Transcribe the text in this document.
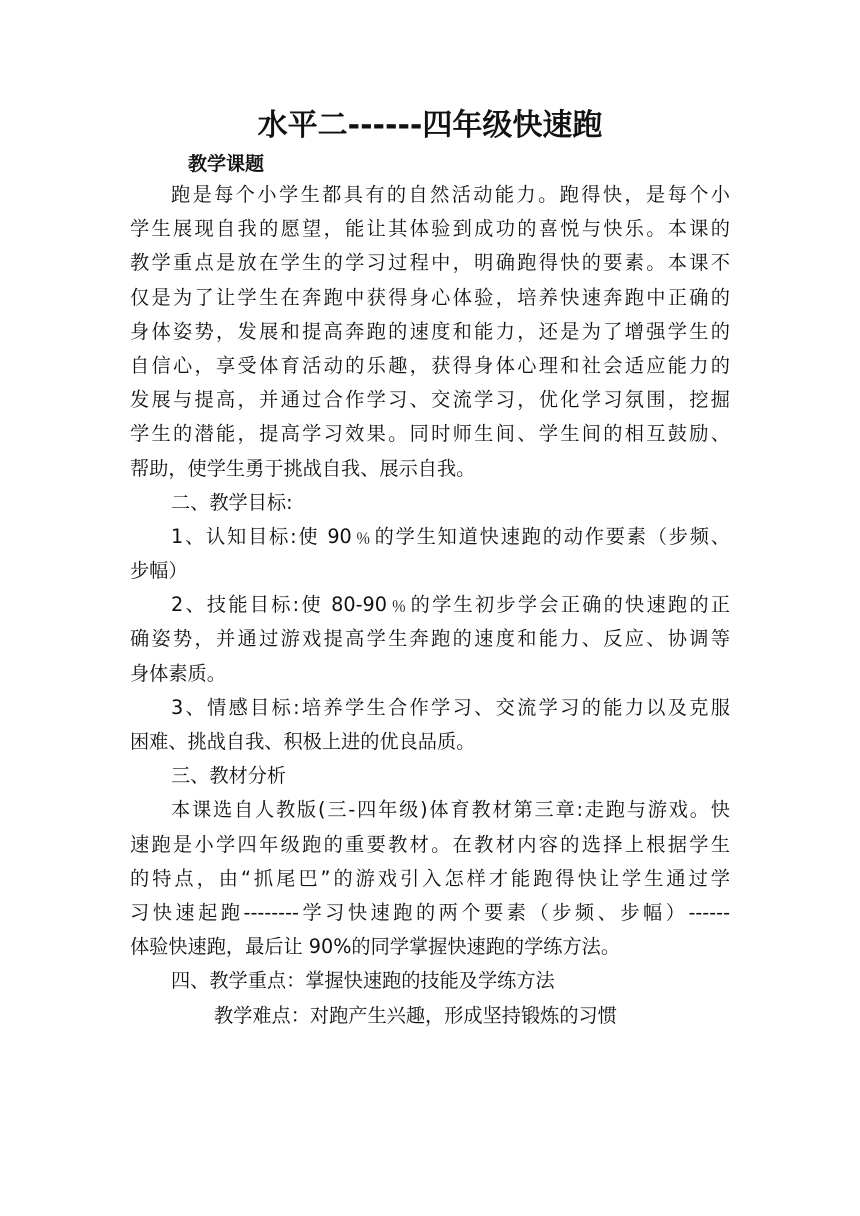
水平二------四年级快速跑
教学课题
跑是每个小学生都具有的自然活动能力。跑得快，是每个小
学生展现自我的愿望，能让其体验到成功的喜悦与快乐。本课的
教学重点是放在学生的学习过程中，明确跑得快的要素。本课不
仅是为了让学生在奔跑中获得身心体验，培养快速奔跑中正确的
身体姿势，发展和提高奔跑的速度和能力，还是为了增强学生的
自信心，享受体育活动的乐趣，获得身体心理和社会适应能力的
发展与提高，并通过合作学习、交流学习，优化学习氛围，挖掘
学生的潜能，提高学习效果。同时师生间、学生间的相互鼓励、
帮助，使学生勇于挑战自我、展示自我。
二、教学目标:
1、认知目标:使 90﹪的学生知道快速跑的动作要素（步频、
步幅）
2、技能目标:使 80-90﹪的学生初步学会正确的快速跑的正
确姿势，并通过游戏提高学生奔跑的速度和能力、反应、协调等
身体素质。
3、情感目标:培养学生合作学习、交流学习的能力以及克服
困难、挑战自我、积极上进的优良品质。
三、教材分析
本课选自人教版(三-四年级)体育教材第三章:走跑与游戏。快
速跑是小学四年级跑的重要教材。在教材内容的选择上根据学生
的特点，由“抓尾巴”的游戏引入怎样才能跑得快让学生通过学
习快速起跑--------学习快速跑的两个要素（步频、步幅）------
体验快速跑，最后让 90%的同学掌握快速跑的学练方法。
四、教学重点：掌握快速跑的技能及学练方法
教学难点：对跑产生兴趣，形成坚持锻炼的习惯
